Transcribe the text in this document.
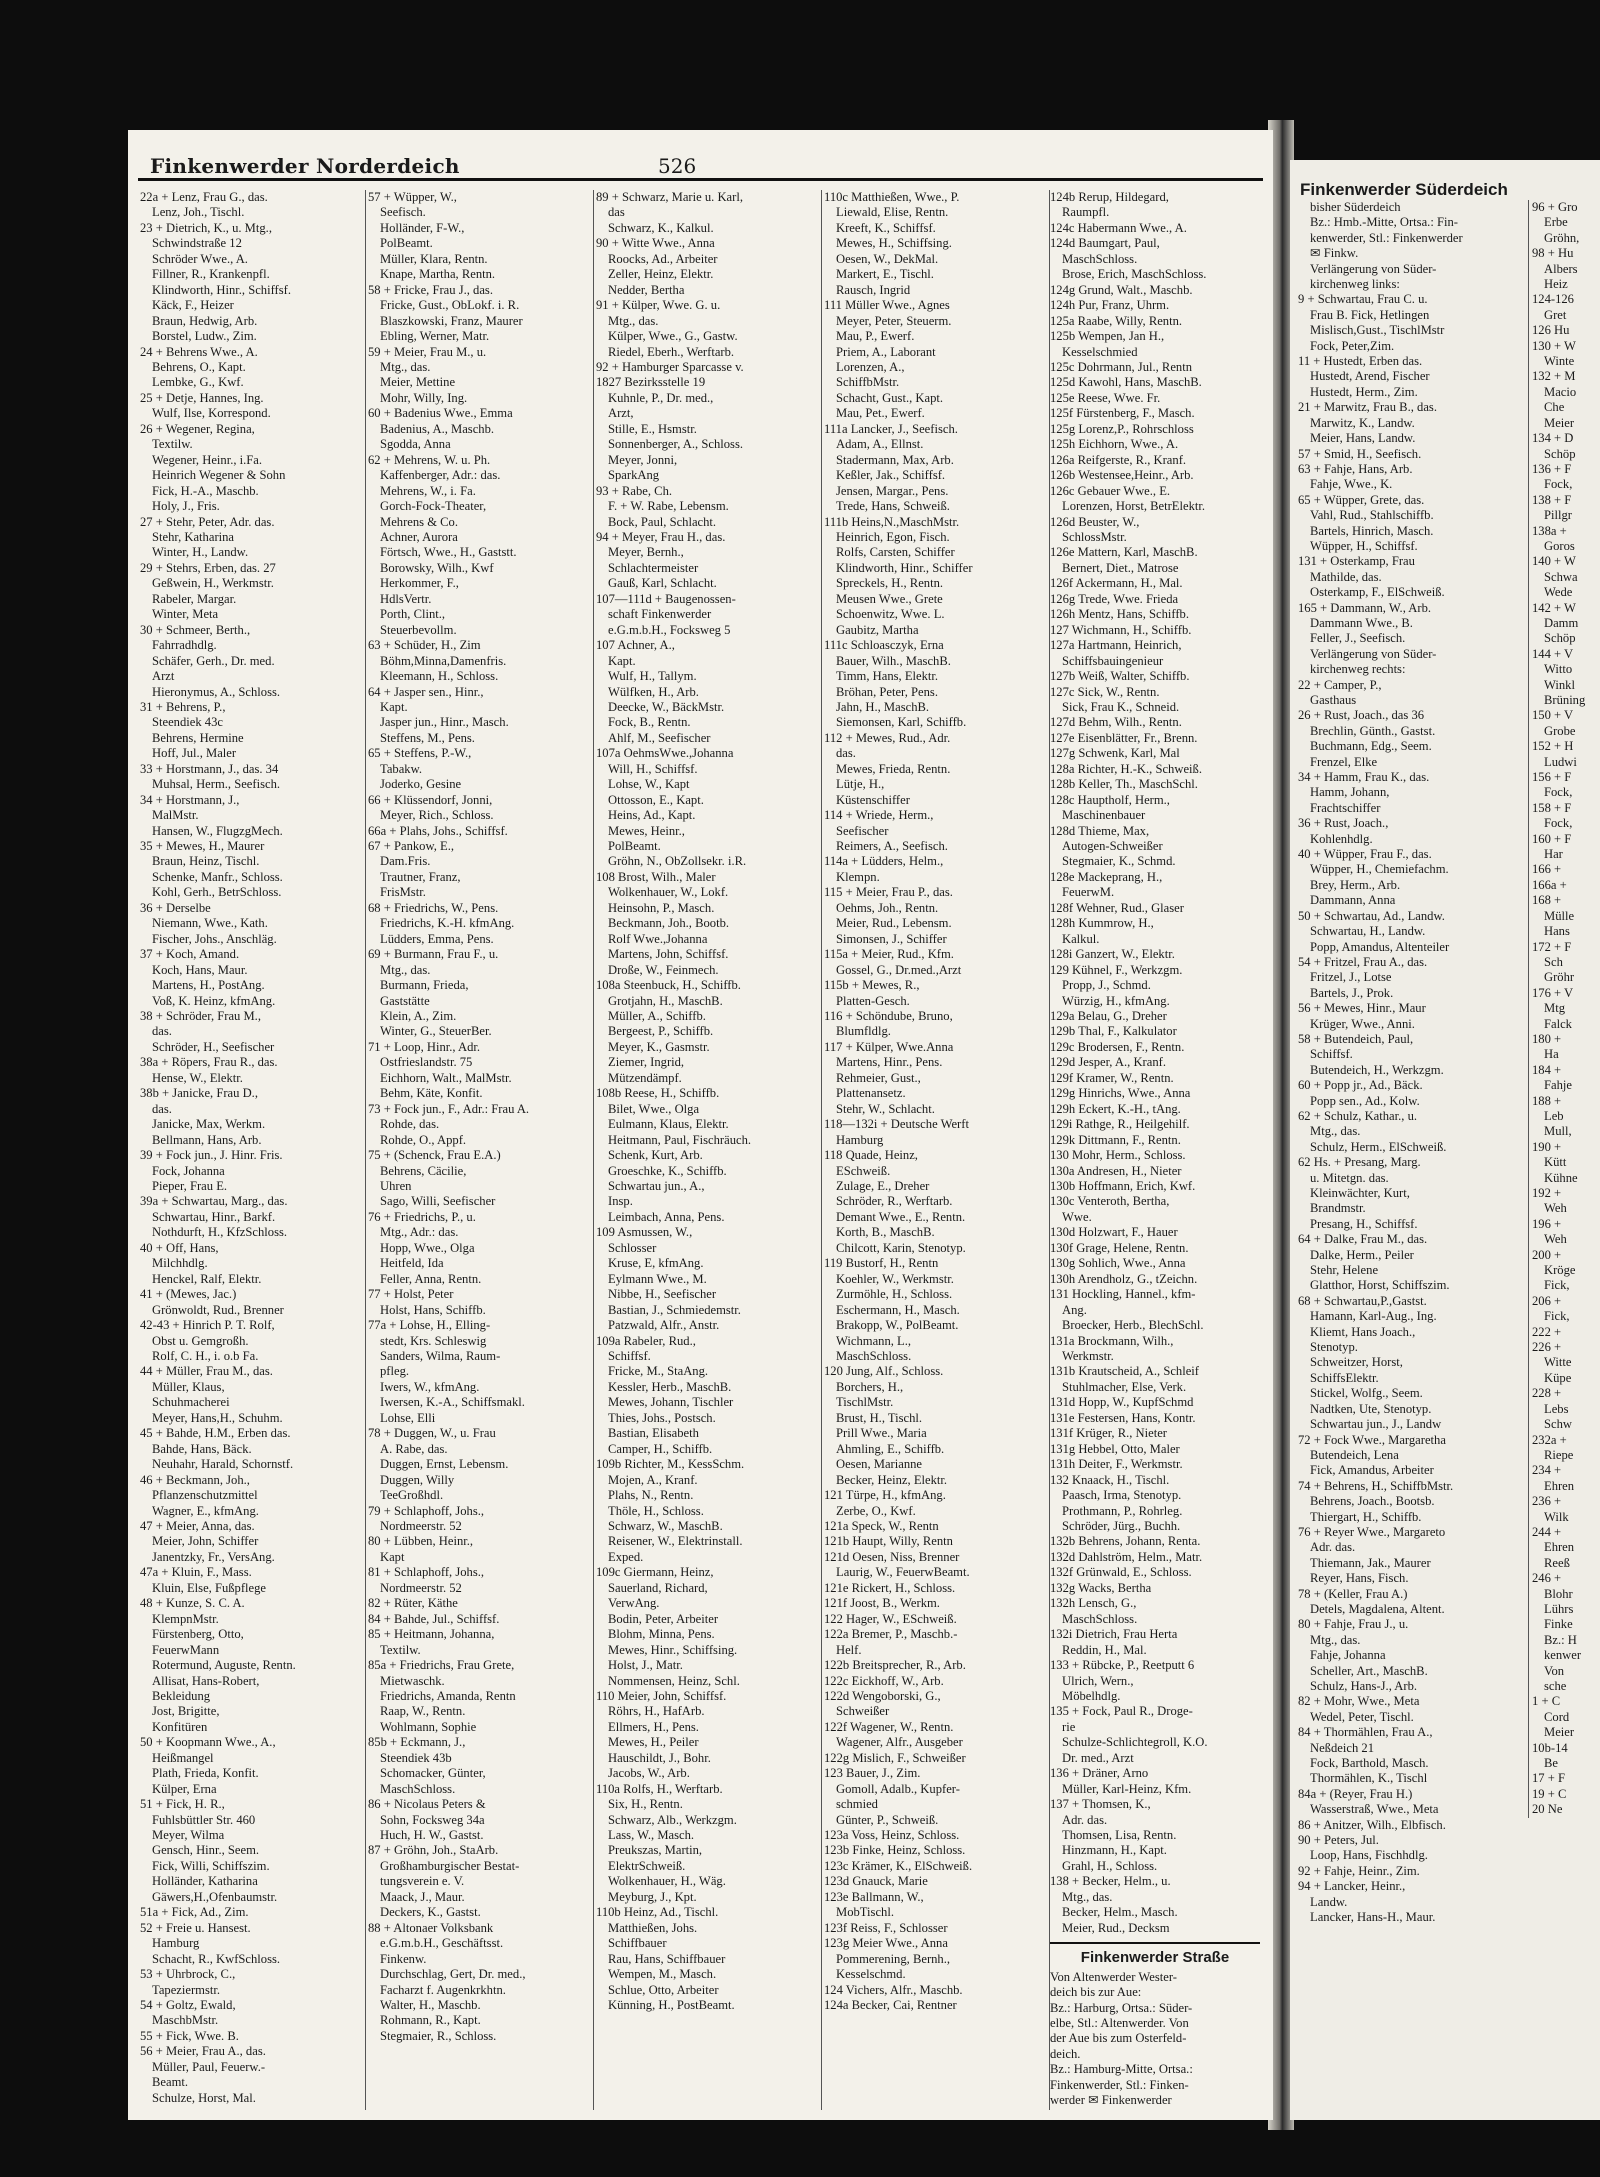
Finkenwerder Norderdeich	526
22a + Lenz, Frau G., das.
Lenz, Joh., Tischl.
23 + Dietrich, K., u. Mtg.,
Schwindstraße 12
Schröder Wwe., A.
Fillner, R., Krankenpfl.
Klindworth, Hinr., Schiffsf.
Käck, F., Heizer
Braun, Hedwig, Arb.
Borstel, Ludw., Zim.
24 + Behrens Wwe., A.
Behrens, O., Kapt.
Lembke, G., Kwf.
25 + Detje, Hannes, Ing.
Wulf, Ilse, Korrespond.
26 + Wegener, Regina,
Textilw.
Wegener, Heinr., i.Fa.
Heinrich Wegener & Sohn
Fick, H.-A., Maschb.
Holy, J., Fris.
27 + Stehr, Peter, Adr. das.
Stehr, Katharina
Winter, H., Landw.
29 + Stehrs, Erben, das. 27
Geßwein, H., Werkmstr.
Rabeler, Margar.
Winter, Meta
30 + Schmeer, Berth.,
Fahrradhdlg.
Schäfer, Gerh., Dr. med.
Arzt
Hieronymus, A., Schloss.
31 + Behrens, P.,
Steendiek 43c
Behrens, Hermine
Hoff, Jul., Maler
33 + Horstmann, J., das. 34
Muhsal, Herm., Seefisch.
34 + Horstmann, J.,
MalMstr.
Hansen, W., FlugzgMech.
35 + Mewes, H., Maurer
Braun, Heinz, Tischl.
Schenke, Manfr., Schloss.
Kohl, Gerh., BetrSchloss.
36 + Derselbe
Niemann, Wwe., Kath.
Fischer, Johs., Anschläg.
37 + Koch, Amand.
Koch, Hans, Maur.
Martens, H., PostAng.
Voß, K. Heinz, kfmAng.
38 + Schröder, Frau M.,
das.
Schröder, H., Seefischer
38a + Röpers, Frau R., das.
Hense, W., Elektr.
38b + Janicke, Frau D.,
das.
Janicke, Max, Werkm.
Bellmann, Hans, Arb.
39 + Fock jun., J. Hinr. Fris.
Fock, Johanna
Pieper, Frau E.
39a + Schwartau, Marg., das.
Schwartau, Hinr., Barkf.
Nothdurft, H., KfzSchloss.
40 + Off, Hans,
Milchhdlg.
Henckel, Ralf, Elektr.
41 + (Mewes, Jac.)
Grönwoldt, Rud., Brenner
42-43 + Hinrich P. T. Rolf,
Obst u. Gemgroßh.
Rolf, C. H., i. o.b Fa.
44 + Müller, Frau M., das.
Müller, Klaus,
Schuhmacherei
Meyer, Hans,H., Schuhm.
45 + Bahde, H.M., Erben das.
Bahde, Hans, Bäck.
Neuhahr, Harald, Schornstf.
46 + Beckmann, Joh.,
Pflanzenschutzmittel
Wagner, E., kfmAng.
47 + Meier, Anna, das.
Meier, John, Schiffer
Janentzky, Fr., VersAng.
47a + Kluin, F., Mass.
Kluin, Else, Fußpflege
48 + Kunze, S. C. A.
KlempnMstr.
Fürstenberg, Otto,
FeuerwMann
Rotermund, Auguste, Rentn.
Allisat, Hans-Robert,
Bekleidung
Jost, Brigitte,
Konfitüren
50 + Koopmann Wwe., A.,
Heißmangel
Plath, Frieda, Konfit.
Külper, Erna
51 + Fick, H. R.,
Fuhlsbüttler Str. 460
Meyer, Wilma
Gensch, Hinr., Seem.
Fick, Willi, Schiffszim.
Holländer, Katharina
Gäwers,H.,Ofenbaumstr.
51a + Fick, Ad., Zim.
52 + Freie u. Hansest.
Hamburg
Schacht, R., KwfSchloss.
53 + Uhrbrock, C.,
Tapeziermstr.
54 + Goltz, Ewald,
MaschbMstr.
55 + Fick, Wwe. B.
56 + Meier, Frau A., das.
Müller, Paul, Feuerw.-
Beamt.
Schulze, Horst, Mal.
57 + Wüpper, W.,
Seefisch.
Holländer, F-W.,
PolBeamt.
Müller, Klara, Rentn.
Knape, Martha, Rentn.
58 + Fricke, Frau J., das.
Fricke, Gust., ObLokf. i. R.
Blaszkowski, Franz, Maurer
Ebling, Werner, Matr.
59 + Meier, Frau M., u.
Mtg., das.
Meier, Mettine
Mohr, Willy, Ing.
60 + Badenius Wwe., Emma
Badenius, A., Maschb.
Sgodda, Anna
62 + Mehrens, W. u. Ph.
Kaffenberger, Adr.: das.
Mehrens, W., i. Fa.
Gorch-Fock-Theater,
Mehrens & Co.
Achner, Aurora
Förtsch, Wwe., H., Gaststt.
Borowsky, Wilh., Kwf
Herkommer, F.,
HdlsVertr.
Porth, Clint.,
Steuerbevollm.
63 + Schüder, H., Zim
Böhm,Minna,Damenfris.
Kleemann, H., Schloss.
64 + Jasper sen., Hinr.,
Kapt.
Jasper jun., Hinr., Masch.
Steffens, M., Pens.
65 + Steffens, P.-W.,
Tabakw.
Joderko, Gesine
66 + Klüssendorf, Jonni,
Meyer, Rich., Schloss.
66a + Plahs, Johs., Schiffsf.
67 + Pankow, E.,
Dam.Fris.
Trautner, Franz,
FrisMstr.
68 + Friedrichs, W., Pens.
Friedrichs, K.-H. kfmAng.
Lüdders, Emma, Pens.
69 + Burmann, Frau F., u.
Mtg., das.
Burmann, Frieda,
Gaststätte
Klein, A., Zim.
Winter, G., SteuerBer.
71 + Loop, Hinr., Adr.
Ostfrieslandstr. 75
Eichhorn, Walt., MalMstr.
Behm, Käte, Konfit.
73 + Fock jun., F., Adr.: Frau A.
Rohde, das.
Rohde, O., Appf.
75 + (Schenck, Frau E.A.)
Behrens, Cäcilie,
Uhren
Sago, Willi, Seefischer
76 + Friedrichs, P., u.
Mtg., Adr.: das.
Hopp, Wwe., Olga
Heitfeld, Ida
Feller, Anna, Rentn.
77 + Holst, Peter
Holst, Hans, Schiffb.
77a + Lohse, H., Elling-
stedt, Krs. Schleswig
Sanders, Wilma, Raum-
pfleg.
Iwers, W., kfmAng.
Iwersen, K.-A., Schiffsmakl.
Lohse, Elli
78 + Duggen, W., u. Frau
A. Rabe, das.
Duggen, Ernst, Lebensm.
Duggen, Willy
TeeGroßhdl.
79 + Schlaphoff, Johs.,
Nordmeerstr. 52
80 + Lübben, Heinr.,
Kapt
81 + Schlaphoff, Johs.,
Nordmeerstr. 52
82 + Rüter, Käthe
84 + Bahde, Jul., Schiffsf.
85 + Heitmann, Johanna,
Textilw.
85a + Friedrichs, Frau Grete,
Mietwaschk.
Friedrichs, Amanda, Rentn
Raap, W., Rentn.
Wohlmann, Sophie
85b + Eckmann, J.,
Steendiek 43b
Schomacker, Günter,
MaschSchloss.
86 + Nicolaus Peters &
Sohn, Focksweg 34a
Huch, H. W., Gastst.
87 + Gröhn, Joh., StaArb.
Großhamburgischer Bestat-
tungsverein e. V.
Maack, J., Maur.
Deckers, K., Gastst.
88 + Altonaer Volksbank
e.G.m.b.H., Geschäftsst.
Finkenw.
Durchschlag, Gert, Dr. med.,
Facharzt f. Augenkrkhtn.
Walter, H., Maschb.
Rohmann, R., Kapt.
Stegmaier, R., Schloss.
89 + Schwarz, Marie u. Karl,
das
Schwarz, K., Kalkul.
90 + Witte Wwe., Anna
Roocks, Ad., Arbeiter
Zeller, Heinz, Elektr.
Nedder, Bertha
91 + Külper, Wwe. G. u.
Mtg., das.
Külper, Wwe., G., Gastw.
Riedel, Eberh., Werftarb.
92 + Hamburger Sparcasse v.
1827 Bezirksstelle 19
Kuhnle, P., Dr. med.,
Arzt,
Stille, E., Hsmstr.
Sonnenberger, A., Schloss.
Meyer, Jonni,
SparkAng
93 + Rabe, Ch.
F. + W. Rabe, Lebensm.
Bock, Paul, Schlacht.
94 + Meyer, Frau H., das.
Meyer, Bernh.,
Schlachtermeister
Gauß, Karl, Schlacht.
107—111d + Baugenossen-
schaft Finkenwerder
e.G.m.b.H., Focksweg 5
107 Achner, A.,
Kapt.
Wulf, H., Tallym.
Wülfken, H., Arb.
Deecke, W., BäckMstr.
Fock, B., Rentn.
Ahlf, M., Seefischer
107a OehmsWwe.,Johanna
Will, H., Schiffsf.
Lohse, W., Kapt
Ottosson, E., Kapt.
Heins, Ad., Kapt.
Mewes, Heinr.,
PolBeamt.
Gröhn, N., ObZollsekr. i.R.
108 Brost, Wilh., Maler
Wolkenhauer, W., Lokf.
Heinsohn, P., Masch.
Beckmann, Joh., Bootb.
Rolf Wwe.,Johanna
Martens, John, Schiffsf.
Droße, W., Feinmech.
108a Steenbuck, H., Schiffb.
Grotjahn, H., MaschB.
Müller, A., Schiffb.
Bergeest, P., Schiffb.
Meyer, K., Gasmstr.
Ziemer, Ingrid,
Mützendämpf.
108b Reese, H., Schiffb.
Bilet, Wwe., Olga
Eulmann, Klaus, Elektr.
Heitmann, Paul, Fischräuch.
Schenk, Kurt, Arb.
Groeschke, K., Schiffb.
Schwartau jun., A.,
Insp.
Leimbach, Anna, Pens.
109 Asmussen, W.,
Schlosser
Kruse, E, kfmAng.
Eylmann Wwe., M.
Nibbe, H., Seefischer
Bastian, J., Schmiedemstr.
Patzwald, Alfr., Anstr.
109a Rabeler, Rud.,
Schiffsf.
Fricke, M., StaAng.
Kessler, Herb., MaschB.
Mewes, Johann, Tischler
Thies, Johs., Postsch.
Bastian, Elisabeth
Camper, H., Schiffb.
109b Richter, M., KessSchm.
Mojen, A., Kranf.
Plahs, N., Rentn.
Thöle, H., Schloss.
Schwarz, W., MaschB.
Reisener, W., Elektrinstall.
Exped.
109c Giermann, Heinz,
Sauerland, Richard,
VerwAng.
Bodin, Peter, Arbeiter
Blohm, Minna, Pens.
Mewes, Hinr., Schiffsing.
Holst, J., Matr.
Nommensen, Heinz, Schl.
110 Meier, John, Schiffsf.
Röhrs, H., HafArb.
Ellmers, H., Pens.
Mewes, H., Peiler
Hauschildt, J., Bohr.
Jacobs, W., Arb.
110a Rolfs, H., Werftarb.
Six, H., Rentn.
Schwarz, Alb., Werkzgm.
Lass, W., Masch.
Preukszas, Martin,
ElektrSchweiß.
Wolkenhauer, H., Wäg.
Meyburg, J., Kpt.
110b Heinz, Ad., Tischl.
Matthießen, Johs.
Schiffbauer
Rau, Hans, Schiffbauer
Wempen, M., Masch.
Schlue, Otto, Arbeiter
Künning, H., PostBeamt.
110c Matthießen, Wwe., P.
Liewald, Elise, Rentn.
Kreeft, K., Schiffsf.
Mewes, H., Schiffsing.
Oesen, W., DekMal.
Markert, E., Tischl.
Rausch, Ingrid
111 Müller Wwe., Agnes
Meyer, Peter, Steuerm.
Mau, P., Ewerf.
Priem, A., Laborant
Lorenzen, A.,
SchiffbMstr.
Schacht, Gust., Kapt.
Mau, Pet., Ewerf.
111a Lancker, J., Seefisch.
Adam, A., Ellnst.
Stadermann, Max, Arb.
Keßler, Jak., Schiffsf.
Jensen, Margar., Pens.
Trede, Hans, Schweiß.
111b Heins,N.,MaschMstr.
Heinrich, Egon, Fisch.
Rolfs, Carsten, Schiffer
Klindworth, Hinr., Schiffer
Spreckels, H., Rentn.
Meusen Wwe., Grete
Schoenwitz, Wwe. L.
Gaubitz, Martha
111c Schloasczyk, Erna
Bauer, Wilh., MaschB.
Timm, Hans, Elektr.
Bröhan, Peter, Pens.
Jahn, H., MaschB.
Siemonsen, Karl, Schiffb.
112 + Mewes, Rud., Adr.
das.
Mewes, Frieda, Rentn.
Lütje, H.,
Küstenschiffer
114 + Wriede, Herm.,
Seefischer
Reimers, A., Seefisch.
114a + Lüdders, Helm.,
Klempn.
115 + Meier, Frau P., das.
Oehms, Joh., Rentn.
Meier, Rud., Lebensm.
Simonsen, J., Schiffer
115a + Meier, Rud., Kfm.
Gossel, G., Dr.med.,Arzt
115b + Mewes, R.,
Platten-Gesch.
116 + Schöndube, Bruno,
Blumfldlg.
117 + Külper, Wwe.Anna
Martens, Hinr., Pens.
Rehmeier, Gust.,
Plattenansetz.
Stehr, W., Schlacht.
118—132i + Deutsche Werft
Hamburg
118 Quade, Heinz,
ESchweiß.
Zulage, E., Dreher
Schröder, R., Werftarb.
Demant Wwe., E., Rentn.
Korth, B., MaschB.
Chilcott, Karin, Stenotyp.
119 Bustorf, H., Rentn
Koehler, W., Werkmstr.
Zurmöhle, H., Schloss.
Eschermann, H., Masch.
Brakopp, W., PolBeamt.
Wichmann, L.,
MaschSchloss.
120 Jung, Alf., Schloss.
Borchers, H.,
TischlMstr.
Brust, H., Tischl.
Prill Wwe., Maria
Ahmling, E., Schiffb.
Oesen, Marianne
Becker, Heinz, Elektr.
121 Türpe, H., kfmAng.
Zerbe, O., Kwf.
121a Speck, W., Rentn
121b Haupt, Willy, Rentn
121d Oesen, Niss, Brenner
Laurig, W., FeuerwBeamt.
121e Rickert, H., Schloss.
121f Joost, B., Werkm.
122 Hager, W., ESchweiß.
122a Bremer, P., Maschb.-
Helf.
122b Breitsprecher, R., Arb.
122c Eickhoff, W., Arb.
122d Wengoborski, G.,
Schweißer
122f Wagener, W., Rentn.
Wagener, Alfr., Ausgeber
122g Mislich, F., Schweißer
123 Bauer, J., Zim.
Gomoll, Adalb., Kupfer-
schmied
Günter, P., Schweiß.
123a Voss, Heinz, Schloss.
123b Finke, Heinz, Schloss.
123c Krämer, K., ElSchweiß.
123d Gnauck, Marie
123e Ballmann, W.,
MobTischl.
123f Reiss, F., Schlosser
123g Meier Wwe., Anna
Pommerening, Bernh.,
Kesselschmd.
124 Vichers, Alfr., Maschb.
124a Becker, Cai, Rentner
124b Rerup, Hildegard,
Raumpfl.
124c Habermann Wwe., A.
124d Baumgart, Paul,
MaschSchloss.
Brose, Erich, MaschSchloss.
124g Grund, Walt., Maschb.
124h Pur, Franz, Uhrm.
125a Raabe, Willy, Rentn.
125b Wempen, Jan H.,
Kesselschmied
125c Dohrmann, Jul., Rentn
125d Kawohl, Hans, MaschB.
125e Reese, Wwe. Fr.
125f Fürstenberg, F., Masch.
125g Lorenz,P., Rohrschloss
125h Eichhorn, Wwe., A.
126a Reifgerste, R., Kranf.
126b Westensee,Heinr., Arb.
126c Gebauer Wwe., E.
Lorenzen, Horst, BetrElektr.
126d Beuster, W.,
SchlossMstr.
126e Mattern, Karl, MaschB.
Bernert, Diet., Matrose
126f Ackermann, H., Mal.
126g Trede, Wwe. Frieda
126h Mentz, Hans, Schiffb.
127 Wichmann, H., Schiffb.
127a Hartmann, Heinrich,
Schiffsbauingenieur
127b Weiß, Walter, Schiffb.
127c Sick, W., Rentn.
Sick, Frau K., Schneid.
127d Behm, Wilh., Rentn.
127e Eisenblätter, Fr., Brenn.
127g Schwenk, Karl, Mal
128a Richter, H.-K., Schweiß.
128b Keller, Th., MaschSchl.
128c Hauptholf, Herm.,
Maschinenbauer
128d Thieme, Max,
Autogen-Schweißer
Stegmaier, K., Schmd.
128e Mackeprang, H.,
FeuerwM.
128f Wehner, Rud., Glaser
128h Kummrow, H.,
Kalkul.
128i Ganzert, W., Elektr.
129 Kühnel, F., Werkzgm.
Propp, J., Schmd.
Würzig, H., kfmAng.
129a Belau, G., Dreher
129b Thal, F., Kalkulator
129c Brodersen, F., Rentn.
129d Jesper, A., Kranf.
129f Kramer, W., Rentn.
129g Hinrichs, Wwe., Anna
129h Eckert, K.-H., tAng.
129i Rathge, R., Heilgehilf.
129k Dittmann, F., Rentn.
130 Mohr, Herm., Schloss.
130a Andresen, H., Nieter
130b Hoffmann, Erich, Kwf.
130c Venteroth, Bertha,
Wwe.
130d Holzwart, F., Hauer
130f Grage, Helene, Rentn.
130g Sohlich, Wwe., Anna
130h Arendholz, G., tZeichn.
131 Hockling, Hannel., kfm-
Ang.
Broecker, Herb., BlechSchl.
131a Brockmann, Wilh.,
Werkmstr.
131b Krautscheid, A., Schleif
Stuhlmacher, Else, Verk.
131d Hopp, W., KupfSchmd
131e Festersen, Hans, Kontr.
131f Krüger, R., Nieter
131g Hebbel, Otto, Maler
131h Deiter, F., Werkmstr.
132 Knaack, H., Tischl.
Paasch, Irma, Stenotyp.
Prothmann, P., Rohrleg.
Schröder, Jürg., Buchh.
132b Behrens, Johann, Renta.
132d Dahlström, Helm., Matr.
132f Grünwald, E., Schloss.
132g Wacks, Bertha
132h Lensch, G.,
MaschSchloss.
132i Dietrich, Frau Herta
Reddin, H., Mal.
133 + Rübcke, P., Reetputt 6
Ulrich, Wern.,
Möbelhdlg.
135 + Fock, Paul R., Droge-
rie
Schulze-Schlichtegroll, K.O.
Dr. med., Arzt
136 + Dräner, Arno
Müller, Karl-Heinz, Kfm.
137 + Thomsen, K.,
Adr. das.
Thomsen, Lisa, Rentn.
Hinzmann, H., Kapt.
Grahl, H., Schloss.
138 + Becker, Helm., u.
Mtg., das.
Becker, Helm., Masch.
Meier, Rud., Decksm
Finkenwerder Straße
Von Altenwerder Wester-
deich bis zur Aue:
Bz.: Harburg, Ortsa.: Süder-
elbe, Stl.: Altenwerder. Von
der Aue bis zum Osterfeld-
deich.
Bz.: Hamburg-Mitte, Ortsa.:
Finkenwerder, Stl.: Finken-
werder ✉ Finkenwerder
Finkenwerder Süderdeich
bisher Süderdeich
Bz.: Hmb.-Mitte, Ortsa.: Fin-
kenwerder, Stl.: Finkenwerder
✉ Finkw.
Verlängerung von Süder-
kirchenweg links:
9 + Schwartau, Frau C. u.
Frau B. Fick, Hetlingen
Mislisch,Gust., TischlMstr
Fock, Peter,Zim.
11 + Hustedt, Erben das.
Hustedt, Arend, Fischer
Hustedt, Herm., Zim.
21 + Marwitz, Frau B., das.
Marwitz, K., Landw.
Meier, Hans, Landw.
57 + Smid, H., Seefisch.
63 + Fahje, Hans, Arb.
Fahje, Wwe., K.
65 + Wüpper, Grete, das.
Vahl, Rud., Stahlschiffb.
Bartels, Hinrich, Masch.
Wüpper, H., Schiffsf.
131 + Osterkamp, Frau
Mathilde, das.
Osterkamp, F., ElSchweiß.
165 + Dammann, W., Arb.
Dammann Wwe., B.
Feller, J., Seefisch.
Verlängerung von Süder-
kirchenweg rechts:
22 + Camper, P.,
Gasthaus
26 + Rust, Joach., das 36
Brechlin, Günth., Gastst.
Buchmann, Edg., Seem.
Frenzel, Elke
34 + Hamm, Frau K., das.
Hamm, Johann,
Frachtschiffer
36 + Rust, Joach.,
Kohlenhdlg.
40 + Wüpper, Frau F., das.
Wüpper, H., Chemiefachm.
Brey, Herm., Arb.
Dammann, Anna
50 + Schwartau, Ad., Landw.
Schwartau, H., Landw.
Popp, Amandus, Altenteiler
54 + Fritzel, Frau A., das.
Fritzel, J., Lotse
Bartels, J., Prok.
56 + Mewes, Hinr., Maur
Krüger, Wwe., Anni.
58 + Butendeich, Paul,
Schiffsf.
Butendeich, H., Werkzgm.
60 + Popp jr., Ad., Bäck.
Popp sen., Ad., Kolw.
62 + Schulz, Kathar., u.
Mtg., das.
Schulz, Herm., ElSchweiß.
62 Hs. + Presang, Marg.
u. Mitetgn. das.
Kleinwächter, Kurt,
Brandmstr.
Presang, H., Schiffsf.
64 + Dalke, Frau M., das.
Dalke, Herm., Peiler
Stehr, Helene
Glatthor, Horst, Schiffszim.
68 + Schwartau,P.,Gastst.
Hamann, Karl-Aug., Ing.
Kliemt, Hans Joach.,
Stenotyp.
Schweitzer, Horst,
SchiffsElektr.
Stickel, Wolfg., Seem.
Nadtken, Ute, Stenotyp.
Schwartau jun., J., Landw
72 + Fock Wwe., Margaretha
Butendeich, Lena
Fick, Amandus, Arbeiter
74 + Behrens, H., SchiffbMstr.
Behrens, Joach., Bootsb.
Thiergart, H., Schiffb.
76 + Reyer Wwe., Margareto
Adr. das.
Thiemann, Jak., Maurer
Reyer, Hans, Fisch.
78 + (Keller, Frau A.)
Detels, Magdalena, Altent.
80 + Fahje, Frau J., u.
Mtg., das.
Fahje, Johanna
Scheller, Art., MaschB.
Schulz, Hans-J., Arb.
82 + Mohr, Wwe., Meta
Wedel, Peter, Tischl.
84 + Thormählen, Frau A.,
Neßdeich 21
Fock, Barthold, Masch.
Thormählen, K., Tischl
84a + (Reyer, Frau H.)
Wasserstraß, Wwe., Meta
86 + Anitzer, Wilh., Elbfisch.
90 + Peters, Jul.
Loop, Hans, Fischhdlg.
92 + Fahje, Heinr., Zim.
94 + Lancker, Heinr.,
Landw.
Lancker, Hans-H., Maur.
96 + Gro
Erbe
Gröhn,
98 + Hu
Albers
Heiz
124-126
Gret
126 Hu
130 + W
Winte
132 + M
Macio
Che
Meier
134 + D
Schöp
136 + F
Fock,
138 + F
Pillgr
138a +
Goros
140 + W
Schwa
Wede
142 + W
Damm
Schöp
144 + V
Witto
Winkl
Brüning
150 + V
Grobe
152 + H
Ludwi
156 + F
Fock,
158 + F
Fock,
160 + F
Har
166 +
166a +
168 +
Mülle
Hans
172 + F
Sch
Gröhr
176 + V
Mtg
Falck
180 +
Ha
184 +
Fahje
188 +
Leb
Mull,
190 +
Kütt
Kühne
192 +
Weh
196 +
Weh
200 +
Kröge
Fick,
206 +
Fick,
222 +
226 +
Witte
Küpe
228 +
Lebs
Schw
232a +
Riepe
234 +
Ehren
236 +
Wilk
244 +
Ehren
Reeß
246 +
Blohr
Lührs
Finke
Bz.: H
kenwer
Von
sche
1 + C
Cord
Meier
10b-14
Be
17 + F
19 + C
20 Ne
